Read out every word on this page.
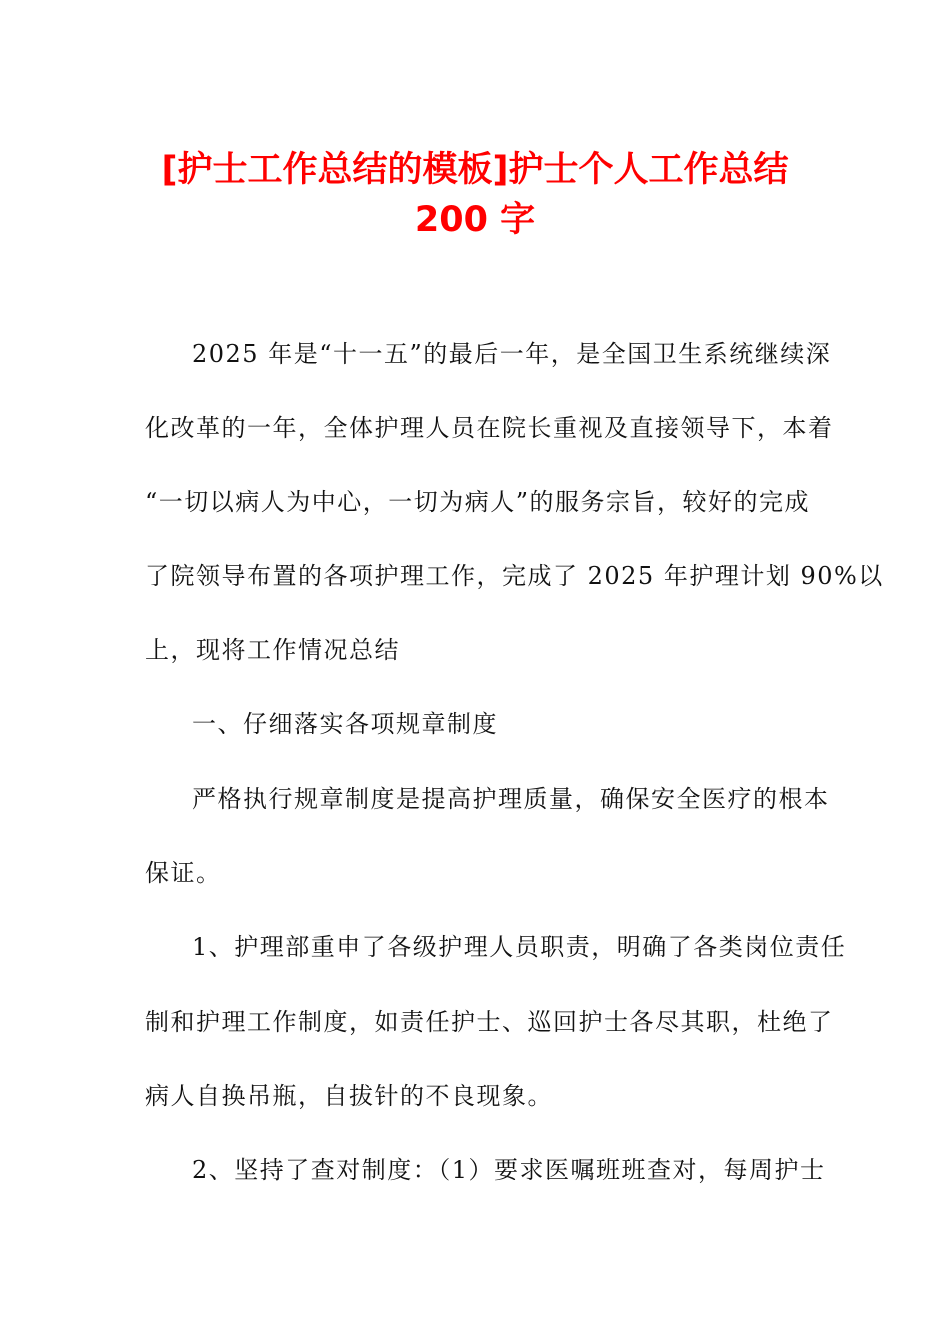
[护士工作总结的模板]护士个人工作总结
200 字

2025 年是“十一五”的最后一年，是全国卫生系统继续深

化改革的一年，全体护理人员在院长重视及直接领导下，本着

“一切以病人为中心，一切为病人”的服务宗旨，较好的完成

了院领导布置的各项护理工作，完成了 2025 年护理计划 90%以

上，现将工作情况总结

一、仔细落实各项规章制度

严格执行规章制度是提高护理质量，确保安全医疗的根本

保证。

1、护理部重申了各级护理人员职责，明确了各类岗位责任

制和护理工作制度，如责任护士、巡回护士各尽其职，杜绝了

病人自换吊瓶，自拔针的不良现象。

2、坚持了查对制度：（1）要求医嘱班班查对，每周护士
